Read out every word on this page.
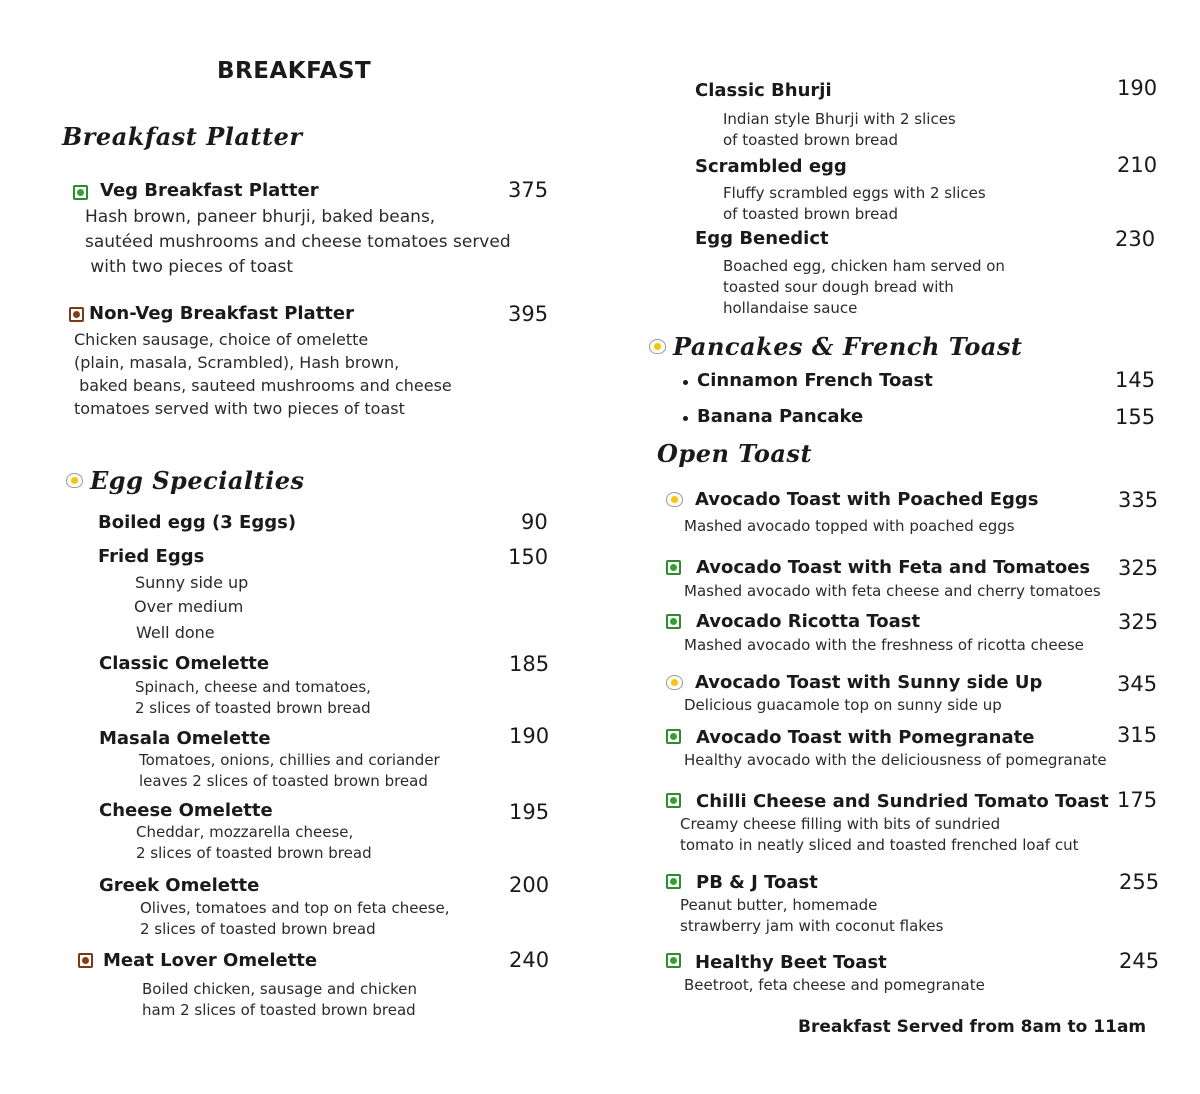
BREAKFAST
Breakfast Platter
Veg Breakfast Platter	375
Hash brown, paneer bhurji, baked beans,
sautéed mushrooms and cheese tomatoes served
with two pieces of toast
Non-Veg Breakfast Platter	395
Chicken sausage, choice of omelette
(plain, masala, Scrambled), Hash brown,
baked beans, sauteed mushrooms and cheese
tomatoes served with two pieces of toast
Egg Specialties
Boiled egg (3 Eggs)	90
Fried Eggs	150
Sunny side up
Over medium
Well done
Classic Omelette	185
Spinach, cheese and tomatoes,
2 slices of toasted brown bread
Masala Omelette	190
Tomatoes, onions, chillies and coriander
leaves 2 slices of toasted brown bread
Cheese Omelette	195
Cheddar, mozzarella cheese,
2 slices of toasted brown bread
Greek Omelette	200
Olives, tomatoes and top on feta cheese,
2 slices of toasted brown bread
Meat Lover Omelette	240
Boiled chicken, sausage and chicken
ham 2 slices of toasted brown bread
Classic Bhurji	190
Indian style Bhurji with 2 slices
of toasted brown bread
Scrambled egg	210
Fluffy scrambled eggs with 2 slices
of toasted brown bread
Egg Benedict	230
Boached egg, chicken ham served on
toasted sour dough bread with
hollandaise sauce
Pancakes & French Toast
Cinnamon French Toast	145
Banana Pancake	155
Open Toast
Avocado Toast with Poached Eggs	335
Mashed avocado topped with poached eggs
Avocado Toast with Feta and Tomatoes 325
Mashed avocado with feta cheese and cherry tomatoes
Avocado Ricotta Toast	325
Mashed avocado with the freshness of ricotta cheese
Avocado Toast with Sunny side Up	345
Delicious guacamole top on sunny side up
Avocado Toast with Pomegranate	315
Healthy avocado with the deliciousness of pomegranate
Chilli Cheese and Sundried Tomato Toast 175
Creamy cheese filling with bits of sundried
tomato in neatly sliced and toasted frenched loaf cut
PB & J Toast	255
Peanut butter, homemade
strawberry jam with coconut flakes
Healthy Beet Toast	245
Beetroot, feta cheese and pomegranate
Breakfast Served from 8am to 11am
